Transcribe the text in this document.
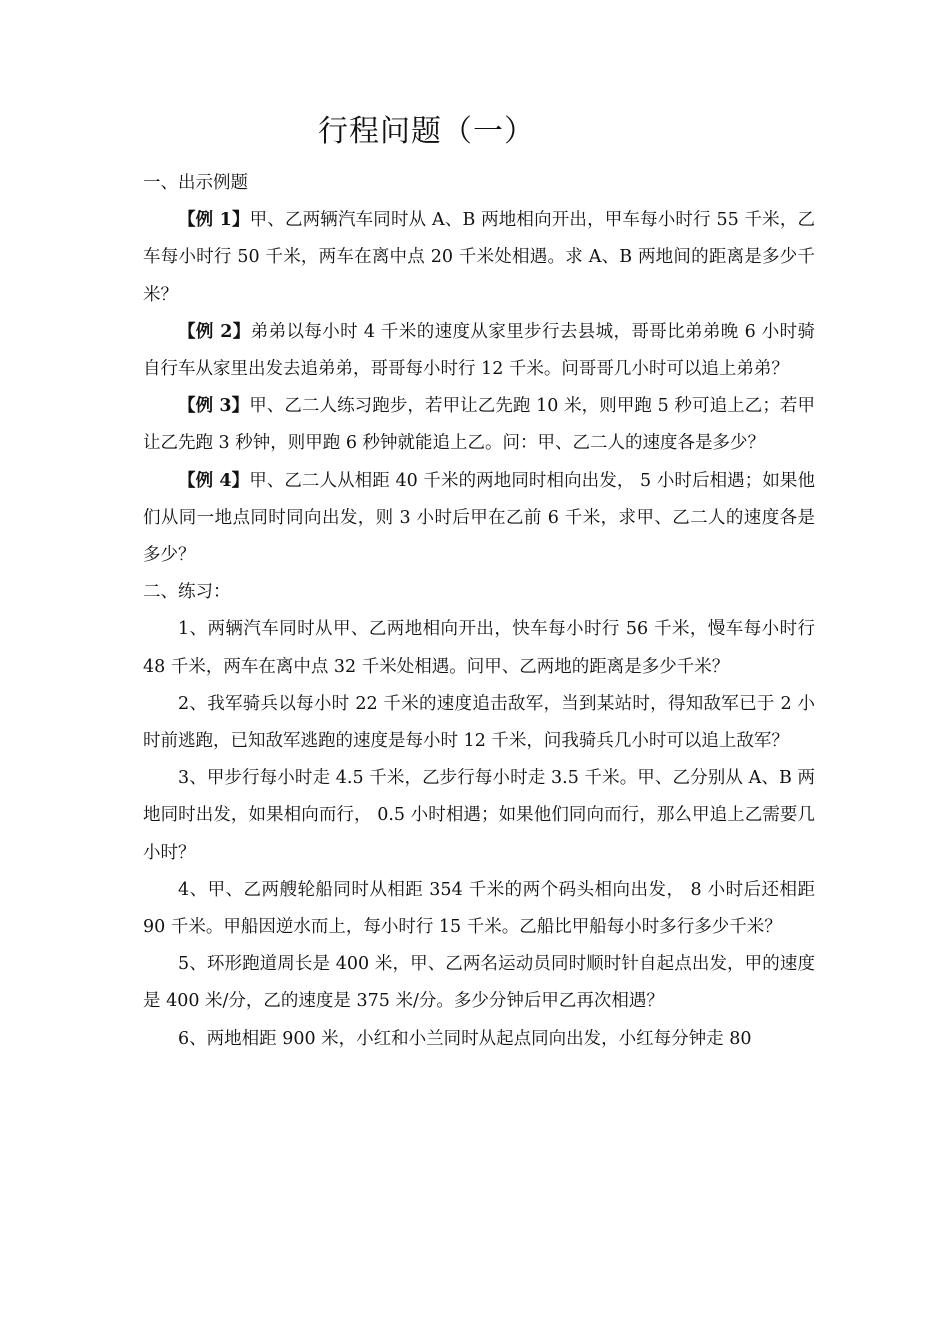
行程问题（一）

一、出示例题

【例 1】甲、乙两辆汽车同时从 A、B 两地相向开出，甲车每小时行 55 千米，乙车每小时行 50 千米，两车在离中点 20 千米处相遇。求 A、B 两地间的距离是多少千米？

【例 2】弟弟以每小时 4 千米的速度从家里步行去县城，哥哥比弟弟晚 6 小时骑自行车从家里出发去追弟弟，哥哥每小时行 12 千米。问哥哥几小时可以追上弟弟？

【例 3】甲、乙二人练习跑步，若甲让乙先跑 10 米，则甲跑 5 秒可追上乙；若甲让乙先跑 3 秒钟，则甲跑 6 秒钟就能追上乙。问：甲、乙二人的速度各是多少？

【例 4】甲、乙二人从相距 40 千米的两地同时相向出发， 5 小时后相遇；如果他们从同一地点同时同向出发，则 3 小时后甲在乙前 6 千米，求甲、乙二人的速度各是多少？

二、练习：

1、两辆汽车同时从甲、乙两地相向开出，快车每小时行 56 千米，慢车每小时行 48 千米，两车在离中点 32 千米处相遇。问甲、乙两地的距离是多少千米？

2、我军骑兵以每小时 22 千米的速度追击敌军，当到某站时，得知敌军已于 2 小时前逃跑，已知敌军逃跑的速度是每小时 12 千米，问我骑兵几小时可以追上敌军？

3、甲步行每小时走 4.5 千米，乙步行每小时走 3.5 千米。甲、乙分别从 A、B 两地同时出发，如果相向而行， 0.5 小时相遇；如果他们同向而行，那么甲追上乙需要几小时？

4、甲、乙两艘轮船同时从相距 354 千米的两个码头相向出发， 8 小时后还相距 90 千米。甲船因逆水而上，每小时行 15 千米。乙船比甲船每小时多行多少千米？

5、环形跑道周长是 400 米，甲、乙两名运动员同时顺时针自起点出发，甲的速度是 400 米/分，乙的速度是 375 米/分。多少分钟后甲乙再次相遇？

6、两地相距 900 米，小红和小兰同时从起点同向出发，小红每分钟走 80
